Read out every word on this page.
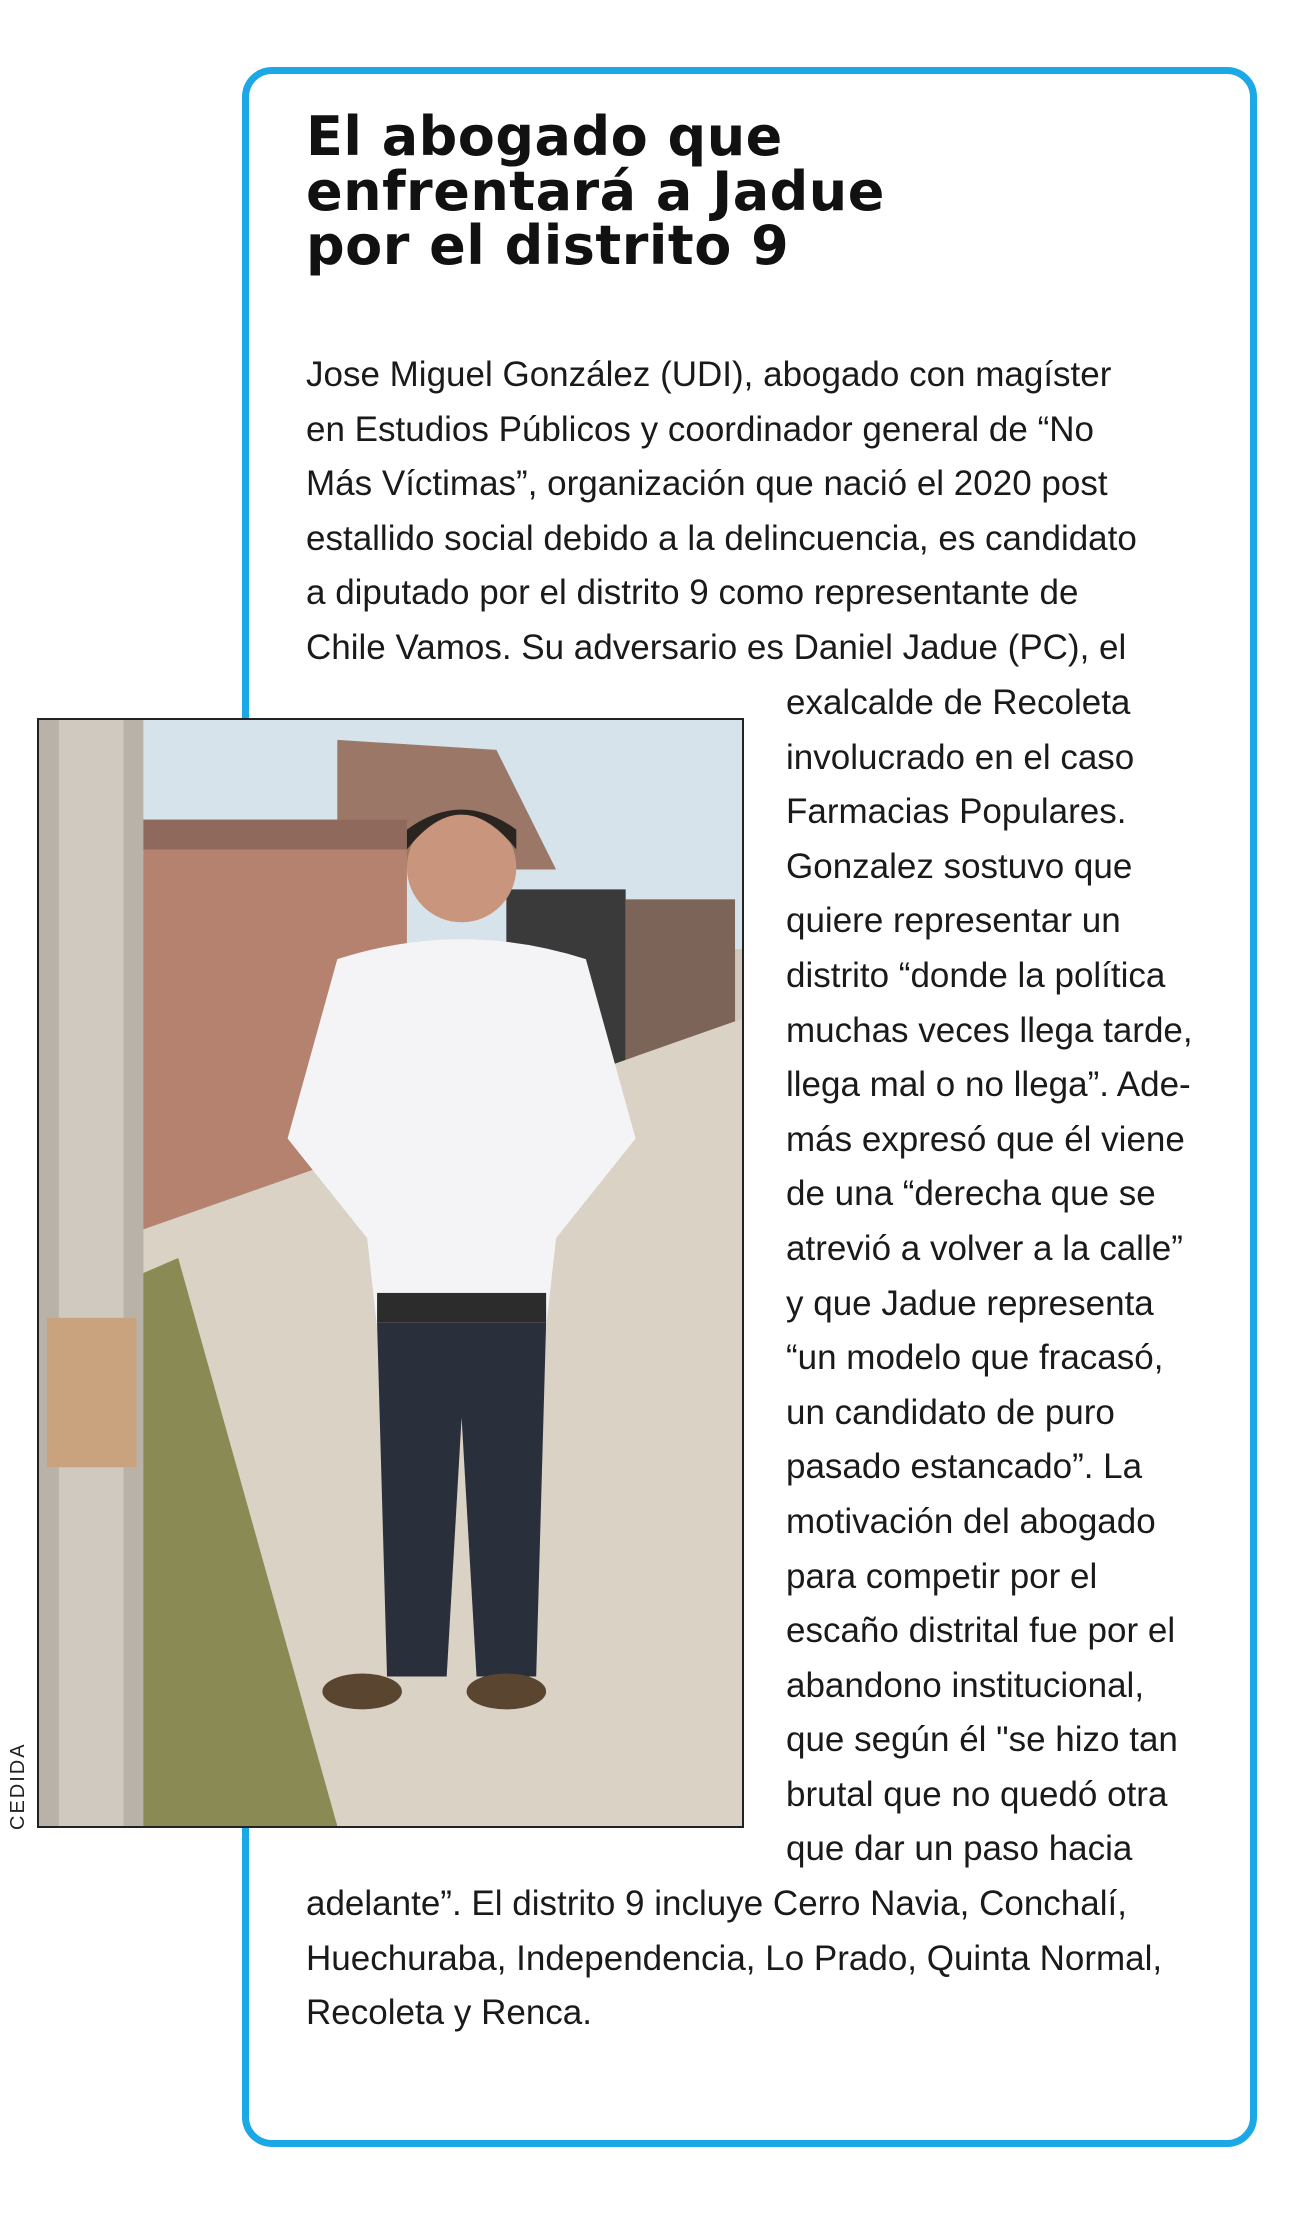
El abogado que
enfrentará a Jadue
por el distrito 9
Jose Miguel González (UDI), abogado con magíster
en Estudios Públicos y coordinador general de “No
Más Víctimas”, organización que nació el 2020 post
estallido social debido a la delincuencia, es candidato
a diputado por el distrito 9 como representante de
Chile Vamos. Su adversario es Daniel Jadue (PC), el
exalcalde de Recoleta
involucrado en el caso
Farmacias Populares.
Gonzalez sostuvo que
quiere representar un
distrito “donde la política
muchas veces llega tarde,
llega mal o no llega”. Ade-
más expresó que él viene
de una “derecha que se
atrevió a volver a la calle”
y que Jadue representa
“un modelo que fracasó,
un candidato de puro
pasado estancado”. La
motivación del abogado
para competir por el
escaño distrital fue por el
abandono institucional,
que según él "se hizo tan
brutal que no quedó otra
que dar un paso hacia
adelante”. El distrito 9 incluye Cerro Navia, Conchalí,
Huechuraba, Independencia, Lo Prado, Quinta Normal,
Recoleta y Renca.
CEDIDA
